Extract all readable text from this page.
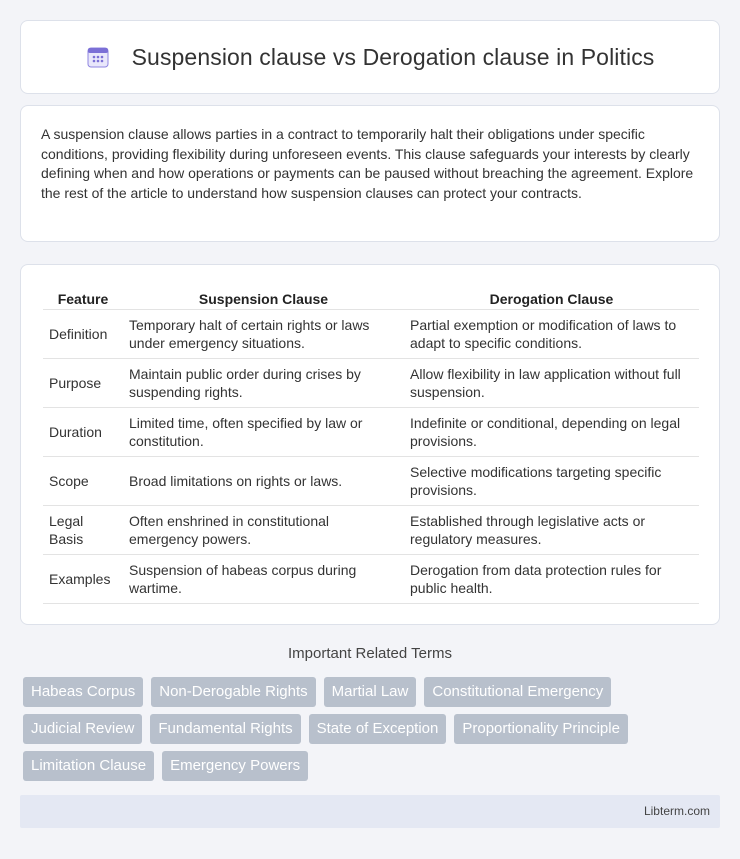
Suspension clause vs Derogation clause in Politics

A suspension clause allows parties in a contract to temporarily halt their obligations under specific conditions, providing flexibility during unforeseen events. This clause safeguards your interests by clearly defining when and how operations or payments can be paused without breaching the agreement. Explore the rest of the article to understand how suspension clauses can protect your contracts.

Feature	Suspension Clause	Derogation Clause
Definition	Temporary halt of certain rights or laws under emergency situations.	Partial exemption or modification of laws to adapt to specific conditions.
Purpose	Maintain public order during crises by suspending rights.	Allow flexibility in law application without full suspension.
Duration	Limited time, often specified by law or constitution.	Indefinite or conditional, depending on legal provisions.
Scope	Broad limitations on rights or laws.	Selective modifications targeting specific provisions.
Legal Basis	Often enshrined in constitutional emergency powers.	Established through legislative acts or regulatory measures.
Examples	Suspension of habeas corpus during wartime.	Derogation from data protection rules for public health.
Important Related Terms
Habeas Corpus	Non-Derogable Rights	Martial Law	Constitutional Emergency
Judicial Review	Fundamental Rights	State of Exception	Proportionality Principle
Limitation Clause	Emergency Powers
Libterm.com
